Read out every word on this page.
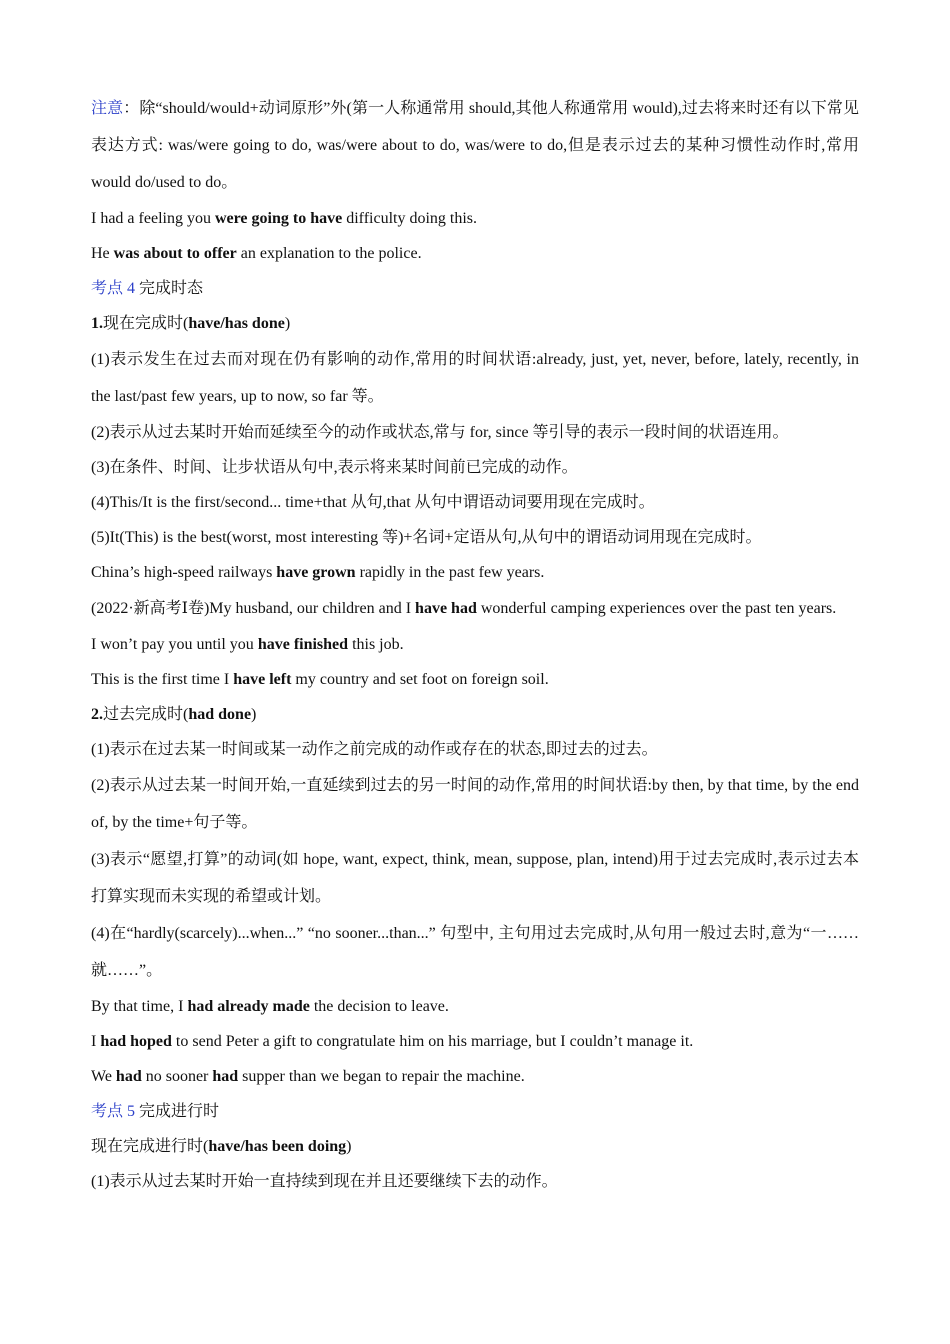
注意：除“should/would+动词原形”外(第一人称通常用 should,其他人称通常用 would),过去将来时还有以下常见表达方式: was/were going to do, was/were about to do, was/were to do,但是表示过去的某种习惯性动作时,常用 would do/used to do。

I had a feeling you were going to have difficulty doing this.

He was about to offer an explanation to the police.

考点 4 完成时态

1.现在完成时(have/has done)

(1)表示发生在过去而对现在仍有影响的动作,常用的时间状语:already, just, yet, never, before, lately, recently, in the last/past few years, up to now, so far 等。

(2)表示从过去某时开始而延续至今的动作或状态,常与 for, since 等引导的表示一段时间的状语连用。

(3)在条件、时间、让步状语从句中,表示将来某时间前已完成的动作。

(4)This/It is the first/second... time+that 从句,that 从句中谓语动词要用现在完成时。

(5)It(This) is the best(worst, most interesting 等)+名词+定语从句,从句中的谓语动词用现在完成时。

China’s high-speed railways have grown rapidly in the past few years.

(2022·新高考Ⅰ卷)My husband, our children and I have had wonderful camping experiences over the past ten years.

I won’t pay you until you have finished this job.

This is the first time I have left my country and set foot on foreign soil.

2.过去完成时(had done)

(1)表示在过去某一时间或某一动作之前完成的动作或存在的状态,即过去的过去。

(2)表示从过去某一时间开始,一直延续到过去的另一时间的动作,常用的时间状语:by then, by that time, by the end of, by the time+句子等。

(3)表示“愿望,打算”的动词(如 hope, want, expect, think, mean, suppose, plan, intend)用于过去完成时,表示过去本打算实现而未实现的希望或计划。

(4)在“hardly(scarcely)...when...” “no sooner...than...” 句型中, 主句用过去完成时,从句用一般过去时,意为“一……就……”。

By that time, I had already made the decision to leave.

I had hoped to send Peter a gift to congratulate him on his marriage, but I couldn’t manage it.

We had no sooner had supper than we began to repair the machine.

考点 5 完成进行时

现在完成进行时(have/has been doing)

(1)表示从过去某时开始一直持续到现在并且还要继续下去的动作。
